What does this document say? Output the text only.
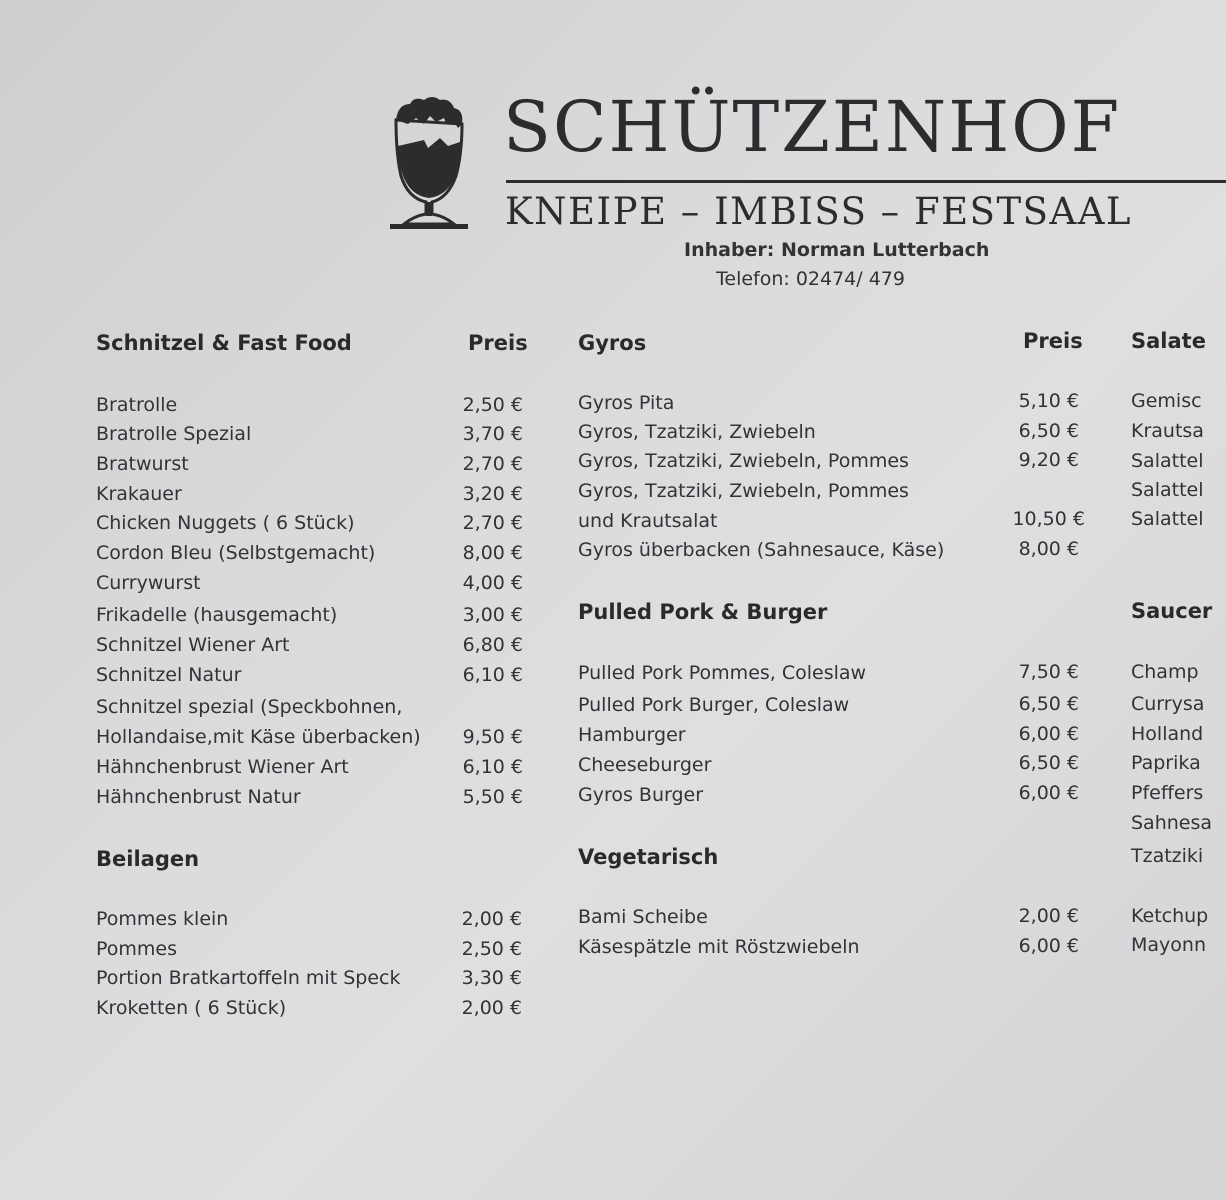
SCHÜTZENHOF
KNEIPE – IMBISS – FESTSAAL
Inhaber: Norman Lutterbach
Telefon: 02474/ 479
Schnitzel & Fast Food	Preis
Bratrolle	2,50 €
Bratrolle Spezial	3,70 €
Bratwurst	2,70 €
Krakauer	3,20 €
Chicken Nuggets ( 6 Stück)	2,70 €
Cordon Bleu (Selbstgemacht)	8,00 €
Currywurst	4,00 €
Frikadelle (hausgemacht)	3,00 €
Schnitzel Wiener Art	6,80 €
Schnitzel Natur	6,10 €
Schnitzel spezial (Speckbohnen,
Hollandaise,mit Käse überbacken)	9,50 €
Hähnchenbrust Wiener Art	6,10 €
Hähnchenbrust Natur	5,50 €
Beilagen
Pommes klein	2,00 €
Pommes	2,50 €
Portion Bratkartoffeln mit Speck	3,30 €
Kroketten ( 6 Stück)	2,00 €
Gyros	Preis
Gyros Pita	5,10 €
Gyros, Tzatziki, Zwiebeln	6,50 €
Gyros, Tzatziki, Zwiebeln, Pommes	9,20 €
Gyros, Tzatziki, Zwiebeln, Pommes
und Krautsalat	10,50 €
Gyros überbacken (Sahnesauce, Käse)	8,00 €
Pulled Pork & Burger
Pulled Pork Pommes, Coleslaw	7,50 €
Pulled Pork Burger, Coleslaw	6,50 €
Hamburger	6,00 €
Cheeseburger	6,50 €
Gyros Burger	6,00 €
Vegetarisch
Bami Scheibe	2,00 €
Käsespätzle mit Röstzwiebeln	6,00 €
Salate
Gemisc
Krautsa
Salattel
Salattel
Salattel
Saucer
Champ
Currysa
Holland
Paprika
Pfeffers
Sahnesa
Tzatziki
Ketchup
Mayonn
